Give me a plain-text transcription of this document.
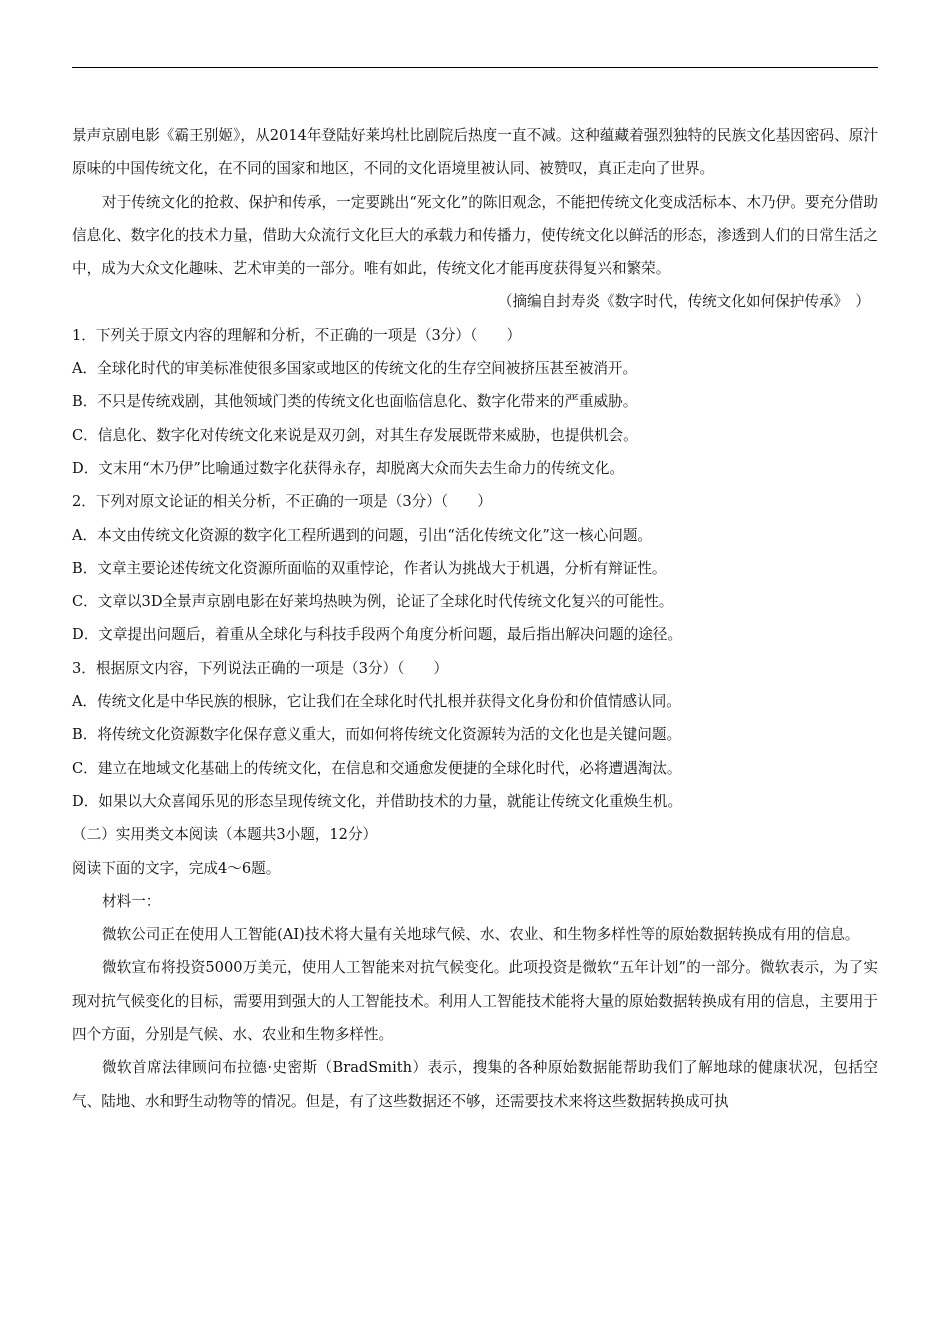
景声京剧电影《霸王别姬》，从2014年登陆好莱坞杜比剧院后热度一直不减。这种蕴藏着强烈独特的民族文化基因密码、原汁原味的中国传统文化，在不同的国家和地区，不同的文化语境里被认同、被赞叹，真正走向了世界。

对于传统文化的抢救、保护和传承，一定要跳出“死文化”的陈旧观念，不能把传统文化变成活标本、木乃伊。要充分借助信息化、数字化的技术力量，借助大众流行文化巨大的承载力和传播力，使传统文化以鲜活的形态，渗透到人们的日常生活之中，成为大众文化趣味、艺术审美的一部分。唯有如此，传统文化才能再度获得复兴和繁荣。

（摘编自封寿炎《数字时代，传统文化如何保护传承》　）

1．下列关于原文内容的理解和分析，不正确的一项是（3分）（　　）

A．全球化时代的审美标准使很多国家或地区的传统文化的生存空间被挤压甚至被消开。

B．不只是传统戏剧，其他领域门类的传统文化也面临信息化、数字化带来的严重威胁。

C．信息化、数字化对传统文化来说是双刃剑，对其生存发展既带来威胁，也提供机会。

D．文末用“木乃伊”比喻通过数字化获得永存，却脱离大众而失去生命力的传统文化。

2．下列对原文论证的相关分析，不正确的一项是（3分）（　　）

A．本文由传统文化资源的数字化工程所遇到的问题，引出“活化传统文化”这一核心问题。

B．文章主要论述传统文化资源所面临的双重悖论，作者认为挑战大于机遇，分析有辩证性。

C．文章以3D全景声京剧电影在好莱坞热映为例，论证了全球化时代传统文化复兴的可能性。

D．文章提出问题后，着重从全球化与科技手段两个角度分析问题，最后指出解决问题的途径。

3．根据原文内容，下列说法正确的一项是（3分）（　　）

A．传统文化是中华民族的根脉，它让我们在全球化时代扎根并获得文化身份和价值情感认同。

B．将传统文化资源数字化保存意义重大，而如何将传统文化资源转为活的文化也是关键问题。

C．建立在地域文化基础上的传统文化，在信息和交通愈发便捷的全球化时代，必将遭遇淘汰。

D．如果以大众喜闻乐见的形态呈现传统文化，并借助技术的力量，就能让传统文化重焕生机。

（二）实用类文本阅读（本题共3小题，12分）

阅读下面的文字，完成4～6题。

材料一：

微软公司正在使用人工智能(AI)技术将大量有关地球气候、水、农业、和生物多样性等的原始数据转换成有用的信息。

微软宣布将投资5000万美元，使用人工智能来对抗气候变化。此项投资是微软“五年计划”的一部分。微软表示，为了实现对抗气候变化的目标，需要用到强大的人工智能技术。利用人工智能技术能将大量的原始数据转换成有用的信息，主要用于四个方面，分别是气候、水、农业和生物多样性。

微软首席法律顾问布拉德·史密斯（BradSmith）表示，搜集的各种原始数据能帮助我们了解地球的健康状况，包括空气、陆地、水和野生动物等的情况。但是，有了这些数据还不够，还需要技术来将这些数据转换成可执
